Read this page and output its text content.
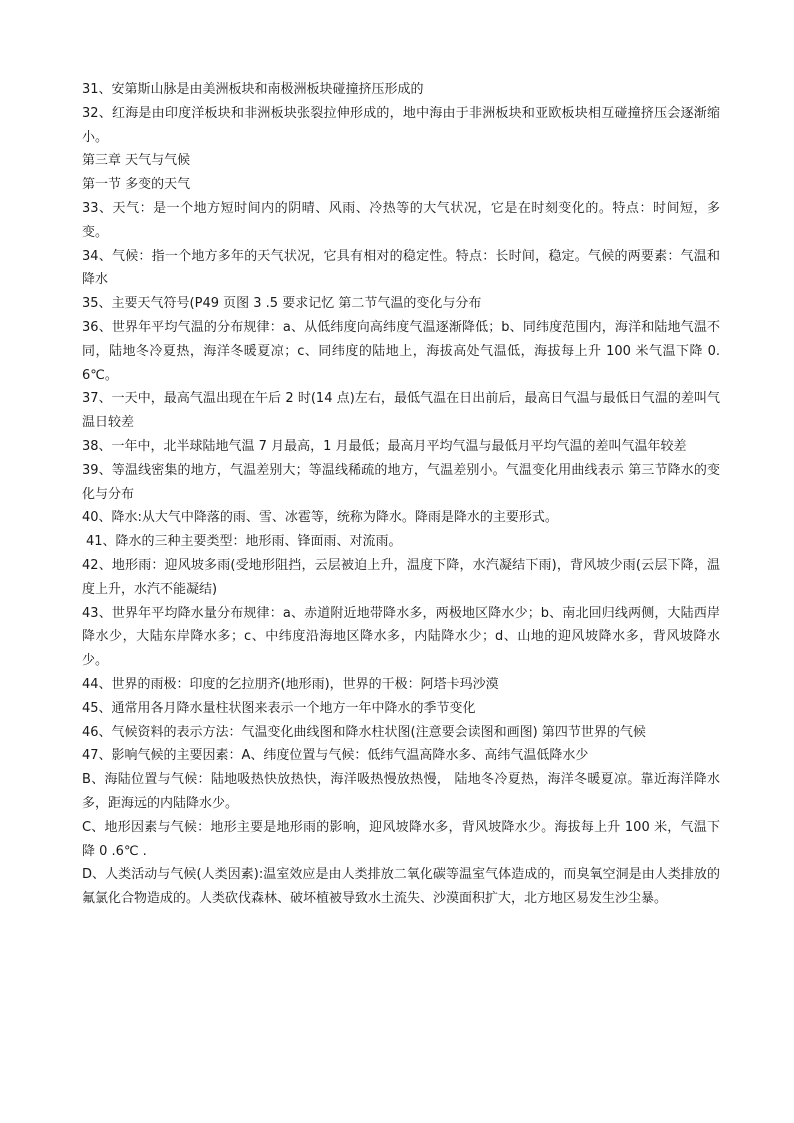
31、安第斯山脉是由美洲板块和南极洲板块碰撞挤压形成的

32、红海是由印度洋板块和非洲板块张裂拉伸形成的，地中海由于非洲板块和亚欧板块相互碰撞挤压会逐渐缩小。

第三章 天气与气候

第一节 多变的天气

33、天气：是一个地方短时间内的阴晴、风雨、冷热等的大气状况，它是在时刻变化的。特点：时间短，多变。

34、气候：指一个地方多年的天气状况，它具有相对的稳定性。特点：长时间，稳定。气候的两要素：气温和降水

35、主要天气符号(P49 页图 3 .5 要求记忆 第二节气温的变化与分布

36、世界年平均气温的分布规律：a、从低纬度向高纬度气温逐渐降低；b、同纬度范围内，海洋和陆地气温不同，陆地冬冷夏热，海洋冬暖夏凉；c、同纬度的陆地上，海拔高处气温低，海拔每上升 100 米气温下降 0.6℃。

37、一天中，最高气温出现在午后 2 时(14 点)左右，最低气温在日出前后，最高日气温与最低日气温的差叫气温日较差

38、一年中，北半球陆地气温 7 月最高，1 月最低；最高月平均气温与最低月平均气温的差叫气温年较差

39、等温线密集的地方，气温差别大；等温线稀疏的地方，气温差别小。气温变化用曲线表示 第三节降水的变化与分布

40、降水:从大气中降落的雨、雪、冰雹等，统称为降水。降雨是降水的主要形式。

41、降水的三种主要类型：地形雨、锋面雨、对流雨。

42、地形雨：迎风坡多雨(受地形阻挡，云层被迫上升，温度下降，水汽凝结下雨)，背风坡少雨(云层下降，温度上升，水汽不能凝结)

43、世界年平均降水量分布规律：a、赤道附近地带降水多，两极地区降水少；b、南北回归线两侧，大陆西岸降水少，大陆东岸降水多；c、中纬度沿海地区降水多，内陆降水少；d、山地的迎风坡降水多，背风坡降水少。

44、世界的雨极：印度的乞拉朋齐(地形雨)，世界的干极：阿塔卡玛沙漠

45、通常用各月降水量柱状图来表示一个地方一年中降水的季节变化

46、气候资料的表示方法：气温变化曲线图和降水柱状图(注意要会读图和画图) 第四节世界的气候

47、影响气候的主要因素：A、纬度位置与气候：低纬气温高降水多、高纬气温低降水少

B、海陆位置与气候：陆地吸热快放热快，海洋吸热慢放热慢， 陆地冬冷夏热，海洋冬暖夏凉。靠近海洋降水多，距海远的内陆降水少。

C、地形因素与气候：地形主要是地形雨的影响，迎风坡降水多，背风坡降水少。海拔每上升 100 米，气温下降 0 .6℃ .

D、人类活动与气候(人类因素):温室效应是由人类排放二氧化碳等温室气体造成的，而臭氧空洞是由人类排放的氟氯化合物造成的。人类砍伐森林、破坏植被导致水土流失、沙漠面积扩大，北方地区易发生沙尘暴。
